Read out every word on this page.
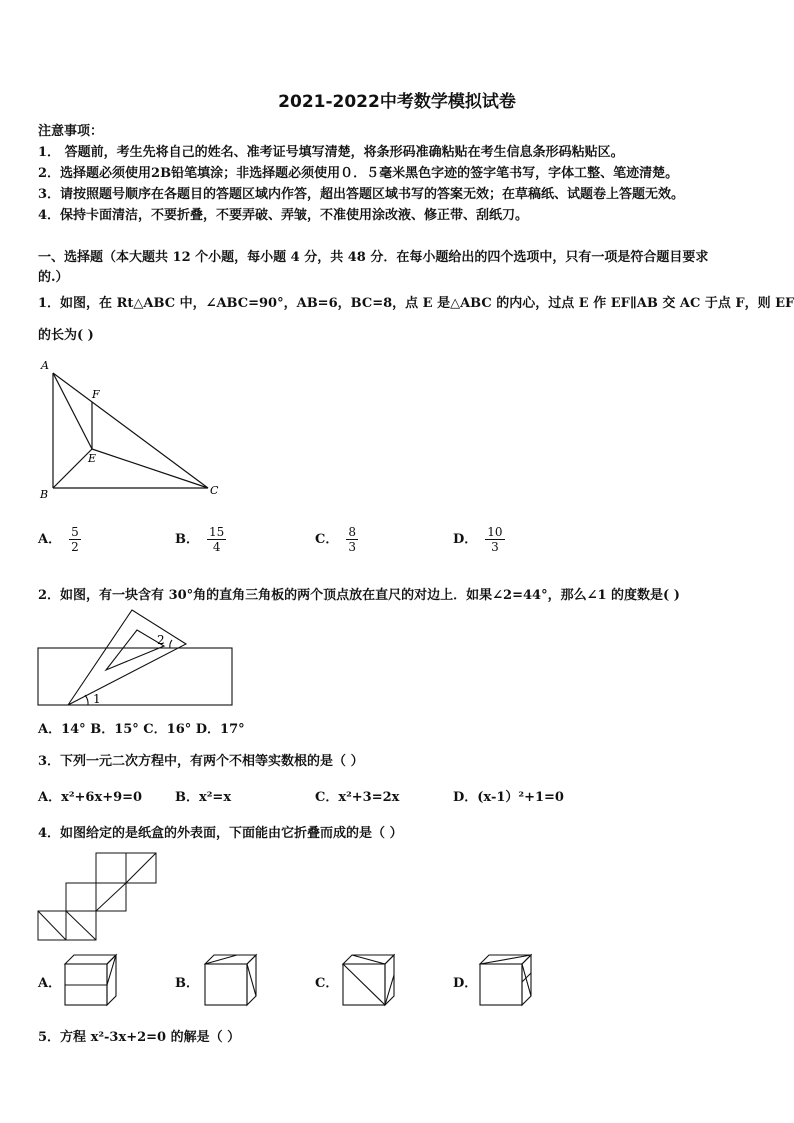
2021-2022中考数学模拟试卷
注意事项：
1． 答题前，考生先将自己的姓名、准考证号填写清楚，将条形码准确粘贴在考生信息条形码粘贴区。
2．选择题必须使用2B铅笔填涂；非选择题必须使用０．５毫米黑色字迹的签字笔书写，字体工整、笔迹清楚。
3．请按照题号顺序在各题目的答题区域内作答，超出答题区域书写的答案无效；在草稿纸、试题卷上答题无效。
4．保持卡面清洁，不要折叠，不要弄破、弄皱，不准使用涂改液、修正带、刮纸刀。
一、选择题（本大题共 12 个小题，每小题 4 分，共 48 分．在每小题给出的四个选项中，只有一项是符合题目要求
的.）
1．如图，在 Rt△ABC 中，∠ABC=90°，AB=6，BC=8，点 E 是△ABC 的内心，过点 E 作 EF∥AB 交 AC 于点 F，则 EF
的长为( )
A
B	C
E
F
A． $\frac{5}{2}$	B． $\frac{15}{4}$	C． $\frac{8}{3}$	D． $\frac{10}{3}$
2．如图，有一块含有 30°角的直角三角板的两个顶点放在直尺的对边上．如果∠2=44°，那么∠1 的度数是( )
2
1
A．14° B．15° C．16° D．17°
3．下列一元二次方程中，有两个不相等实数根的是（ ）
A．x²+6x+9=0	B．x²=x	C．x²+3=2x	D．(x-1）²+1=0
4．如图给定的是纸盒的外表面，下面能由它折叠而成的是（ ）
A．	B．	C．	D．
5．方程 x²-3x+2=0 的解是（ ）
